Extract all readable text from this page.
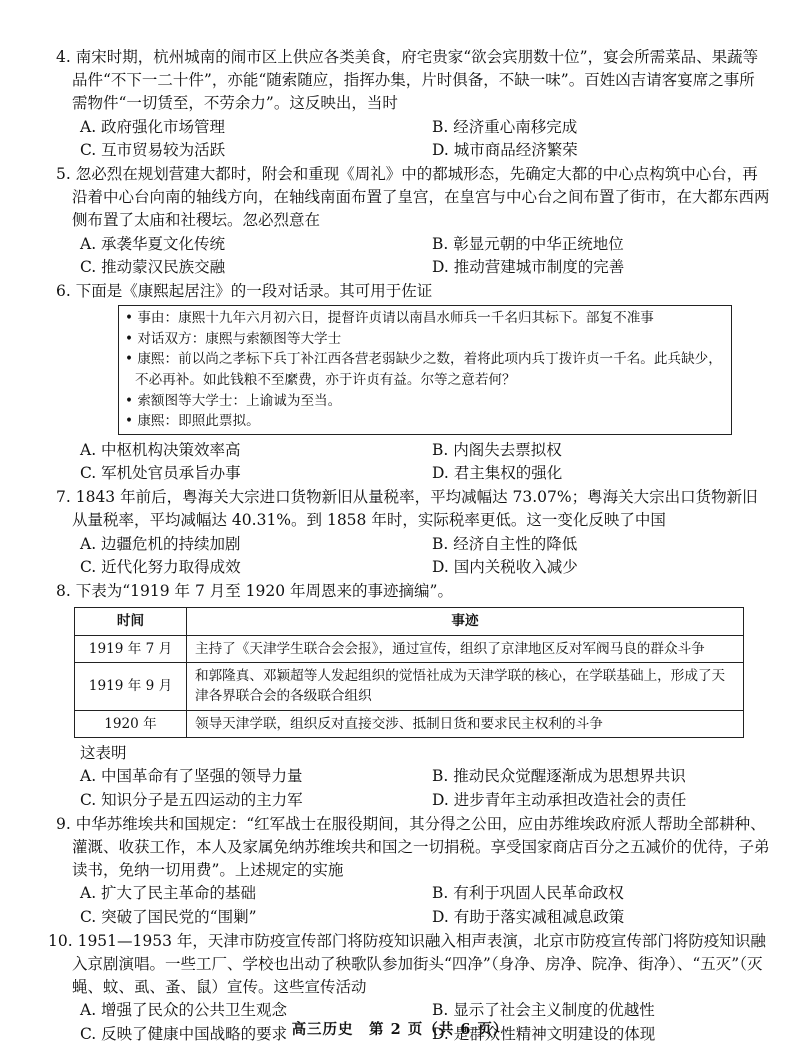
4. 南宋时期，杭州城南的闹市区上供应各类美食，府宅贵家“欲会宾朋数十位”，宴会所需菜品、果蔬等品件“不下一二十件”，亦能“随索随应，指挥办集，片时俱备，不缺一味”。百姓凶吉请客宴席之事所需物件“一切赁至，不劳余力”。这反映出，当时

A. 政府强化市场管理	B. 经济重心南移完成
C. 互市贸易较为活跃	D. 城市商品经济繁荣

5. 忽必烈在规划营建大都时，附会和重现《周礼》中的都城形态，先确定大都的中心点构筑中心台，再沿着中心台向南的轴线方向，在轴线南面布置了皇宫，在皇宫与中心台之间布置了街市，在大都东西两侧布置了太庙和社稷坛。忽必烈意在

A. 承袭华夏文化传统	B. 彰显元朝的中华正统地位
C. 推动蒙汉民族交融	D. 推动营建城市制度的完善

6. 下面是《康熙起居注》的一段对话录。其可用于佐证

• 事由：康熙十九年六月初六日，提督许贞请以南昌水师兵一千名归其标下。部复不准事

• 对话双方：康熙与索额图等大学士

• 康熙：前以尚之孝标下兵丁补江西各营老弱缺少之数，着将此项内兵丁拨许贞一千名。此兵缺少，不必再补。如此钱粮不至縻费，亦于许贞有益。尔等之意若何？

• 索额图等大学士：上谕诚为至当。

• 康熙：即照此票拟。

A. 中枢机构决策效率高	B. 内阁失去票拟权
C. 军机处官员承旨办事	D. 君主集权的强化

7. 1843 年前后，粤海关大宗进口货物新旧从量税率，平均减幅达 73.07%；粤海关大宗出口货物新旧从量税率，平均减幅达 40.31%。到 1858 年时，实际税率更低。这一变化反映了中国

A. 边疆危机的持续加剧	B. 经济自主性的降低
C. 近代化努力取得成效	D. 国内关税收入减少

8. 下表为“1919 年 7 月至 1920 年周恩来的事迹摘编”。

时间	事迹
1919 年 7 月	主持了《天津学生联合会会报》，通过宣传，组织了京津地区反对军阀马良的群众斗争
1919 年 9 月	和郭隆真、邓颖超等人发起组织的觉悟社成为天津学联的核心，在学联基础上，形成了天津各界联合会的各级联合组织
1920 年	领导天津学联，组织反对直接交涉、抵制日货和要求民主权利的斗争

这表明

A. 中国革命有了坚强的领导力量	B. 推动民众觉醒逐渐成为思想界共识
C. 知识分子是五四运动的主力军	D. 进步青年主动承担改造社会的责任

9. 中华苏维埃共和国规定：“红军战士在服役期间，其分得之公田，应由苏维埃政府派人帮助全部耕种、灌溉、收获工作，本人及家属免纳苏维埃共和国之一切捐税。享受国家商店百分之五减价的优待，子弟读书，免纳一切用费”。上述规定的实施

A. 扩大了民主革命的基础	B. 有利于巩固人民革命政权
C. 突破了国民党的“围剿”	D. 有助于落实减租减息政策

10. 1951—1953 年，天津市防疫宣传部门将防疫知识融入相声表演，北京市防疫宣传部门将防疫知识融入京剧演唱。一些工厂、学校也出动了秧歌队参加街头“四净”（身净、房净、院净、街净）、“五灭”（灭蝇、蚊、虱、蚤、鼠）宣传。这些宣传活动

A. 增强了民众的公共卫生观念	B. 显示了社会主义制度的优越性
C. 反映了健康中国战略的要求	D. 是群众性精神文明建设的体现
高三历史　第 2 页（共 6 页）
